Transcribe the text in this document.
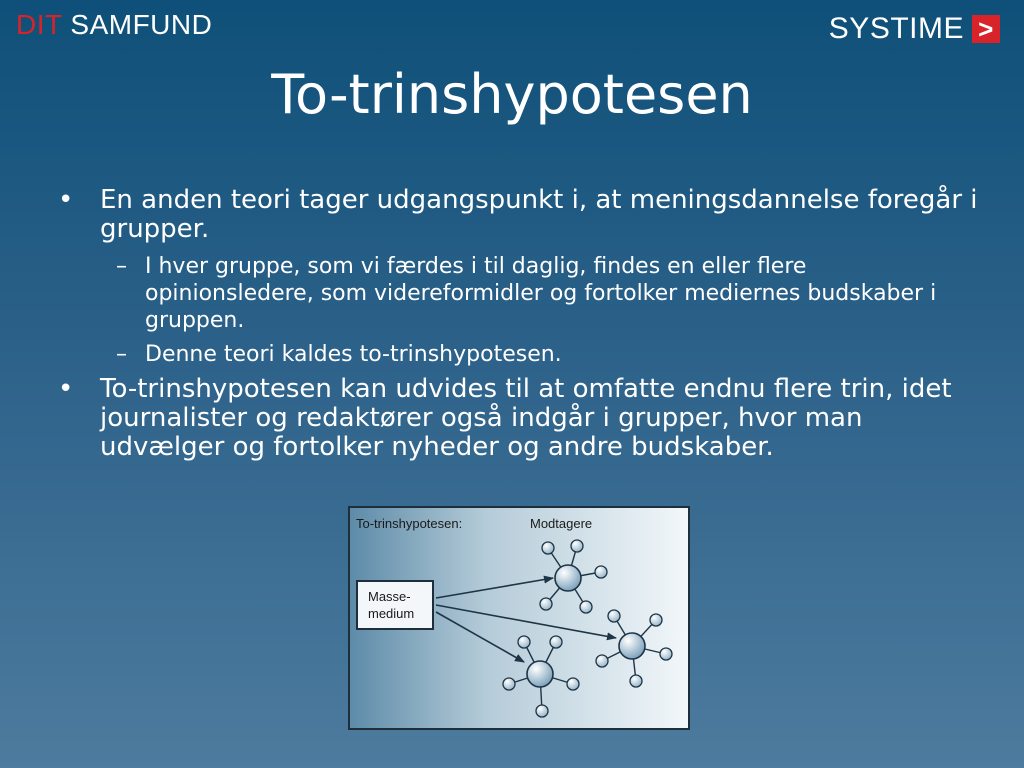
DIT SAMFUND	SYSTIME >
To-trinshypotesen
• En anden teori tager udgangspunkt i, at meningsdannelse foregår i grupper.
– I hver gruppe, som vi færdes i til daglig, findes en eller flere opinionsledere, som videreformidler og fortolker mediernes budskaber i gruppen.
– Denne teori kaldes to-trinshypotesen.
• To-trinshypotesen kan udvides til at omfatte endnu flere trin, idet journalister og redaktører også indgår i grupper, hvor man udvælger og fortolker nyheder og andre budskaber.
To-trinshypotesen:	Modtagere
Masse-
medium
